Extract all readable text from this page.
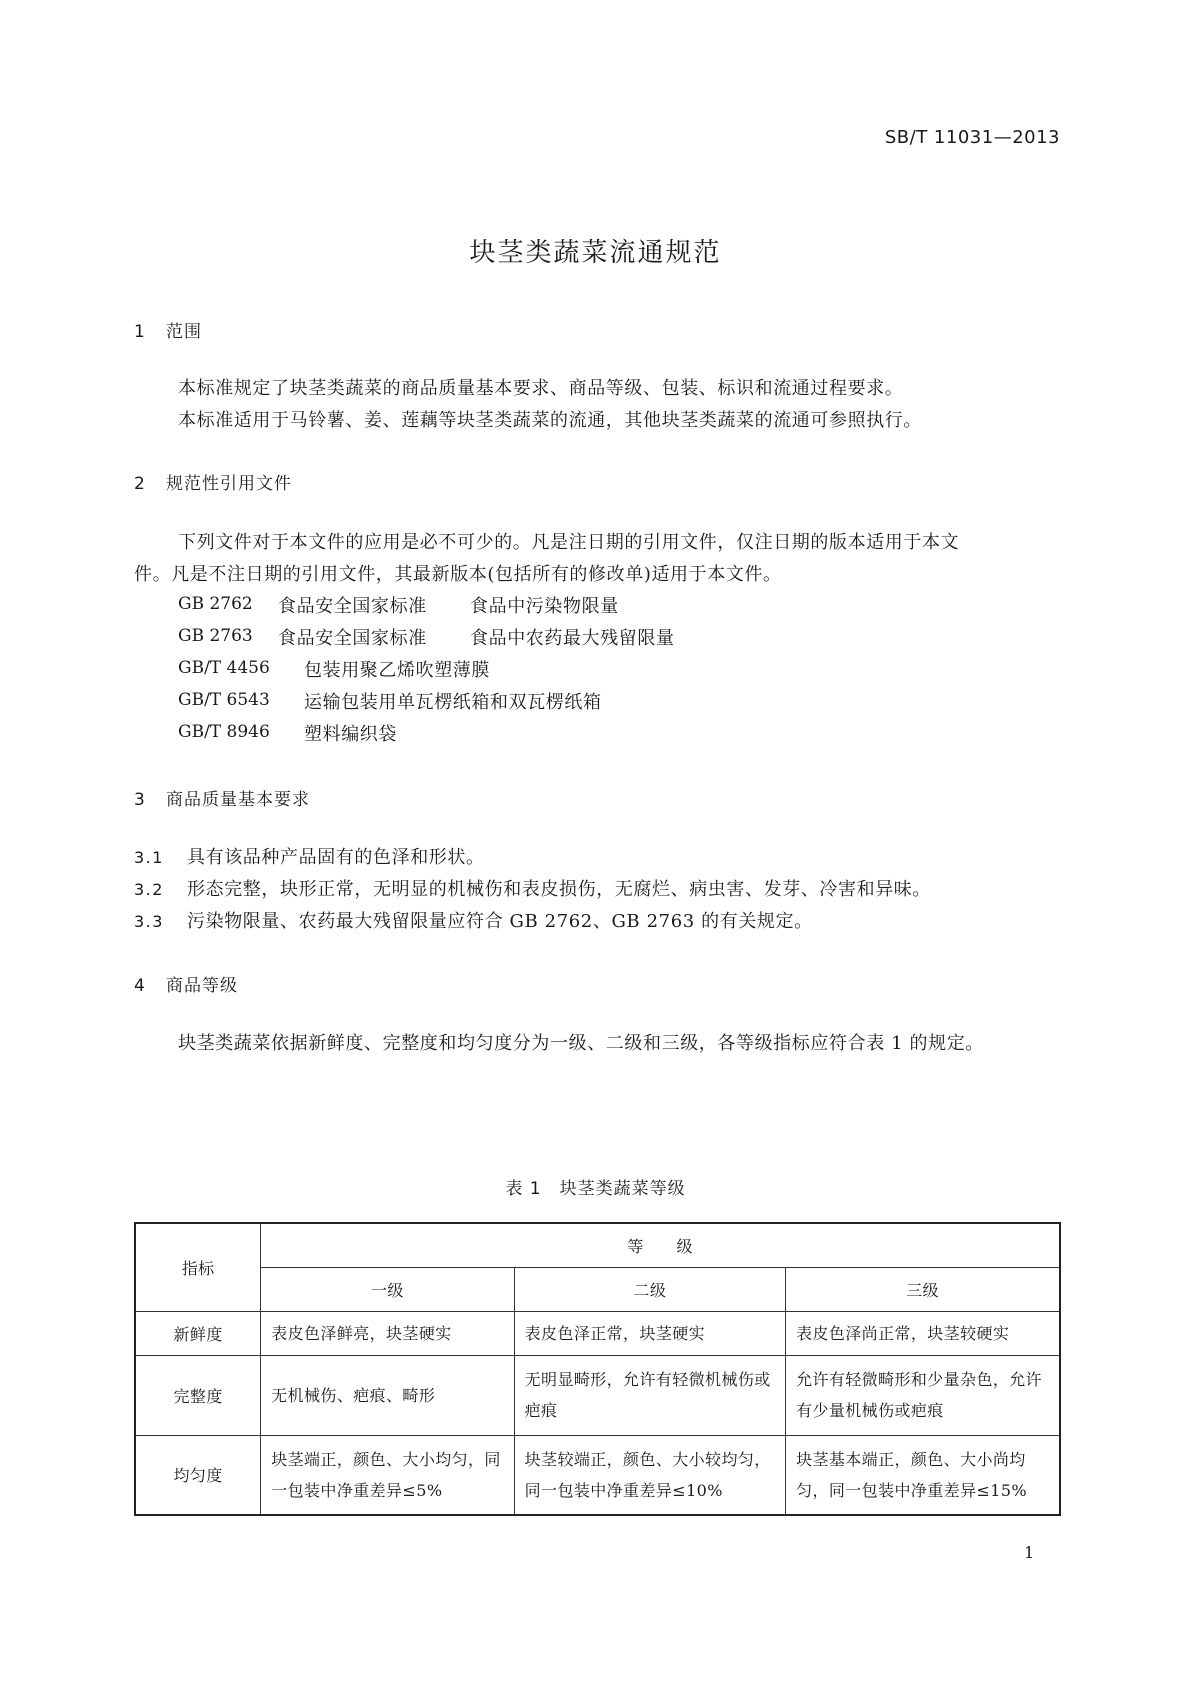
SB/T 11031—2013
块茎类蔬菜流通规范
1 范围
本标准规定了块茎类蔬菜的商品质量基本要求、商品等级、包装、标识和流通过程要求。
本标准适用于马铃薯、姜、莲藕等块茎类蔬菜的流通，其他块茎类蔬菜的流通可参照执行。
2 规范性引用文件
下列文件对于本文件的应用是必不可少的。凡是注日期的引用文件，仅注日期的版本适用于本文
件。凡是不注日期的引用文件，其最新版本(包括所有的修改单)适用于本文件。
GB 2762 食品安全国家标准 食品中污染物限量
GB 2763 食品安全国家标准 食品中农药最大残留限量
GB/T 4456 包装用聚乙烯吹塑薄膜
GB/T 6543 运输包装用单瓦楞纸箱和双瓦楞纸箱
GB/T 8946 塑料编织袋
3 商品质量基本要求
3.1 具有该品种产品固有的色泽和形状。
3.2 形态完整，块形正常，无明显的机械伤和表皮损伤，无腐烂、病虫害、发芽、冷害和异味。
3.3 污染物限量、农药最大残留限量应符合 GB 2762、GB 2763 的有关规定。
4 商品等级
块茎类蔬菜依据新鲜度、完整度和均匀度分为一级、二级和三级，各等级指标应符合表 1 的规定。
表 1　块茎类蔬菜等级
指标	等　　级		
	一级	二级	三级
新鲜度	表皮色泽鲜亮，块茎硬实	表皮色泽正常，块茎硬实	表皮色泽尚正常，块茎较硬实
完整度	无机械伤、疤痕、畸形	无明显畸形，允许有轻微机械伤或疤痕	允许有轻微畸形和少量杂色，允许有少量机械伤或疤痕
均匀度	块茎端正，颜色、大小均匀，同一包装中净重差异≤5%	块茎较端正，颜色、大小较均匀，同一包装中净重差异≤10%	块茎基本端正，颜色、大小尚均匀，同一包装中净重差异≤15%
1
